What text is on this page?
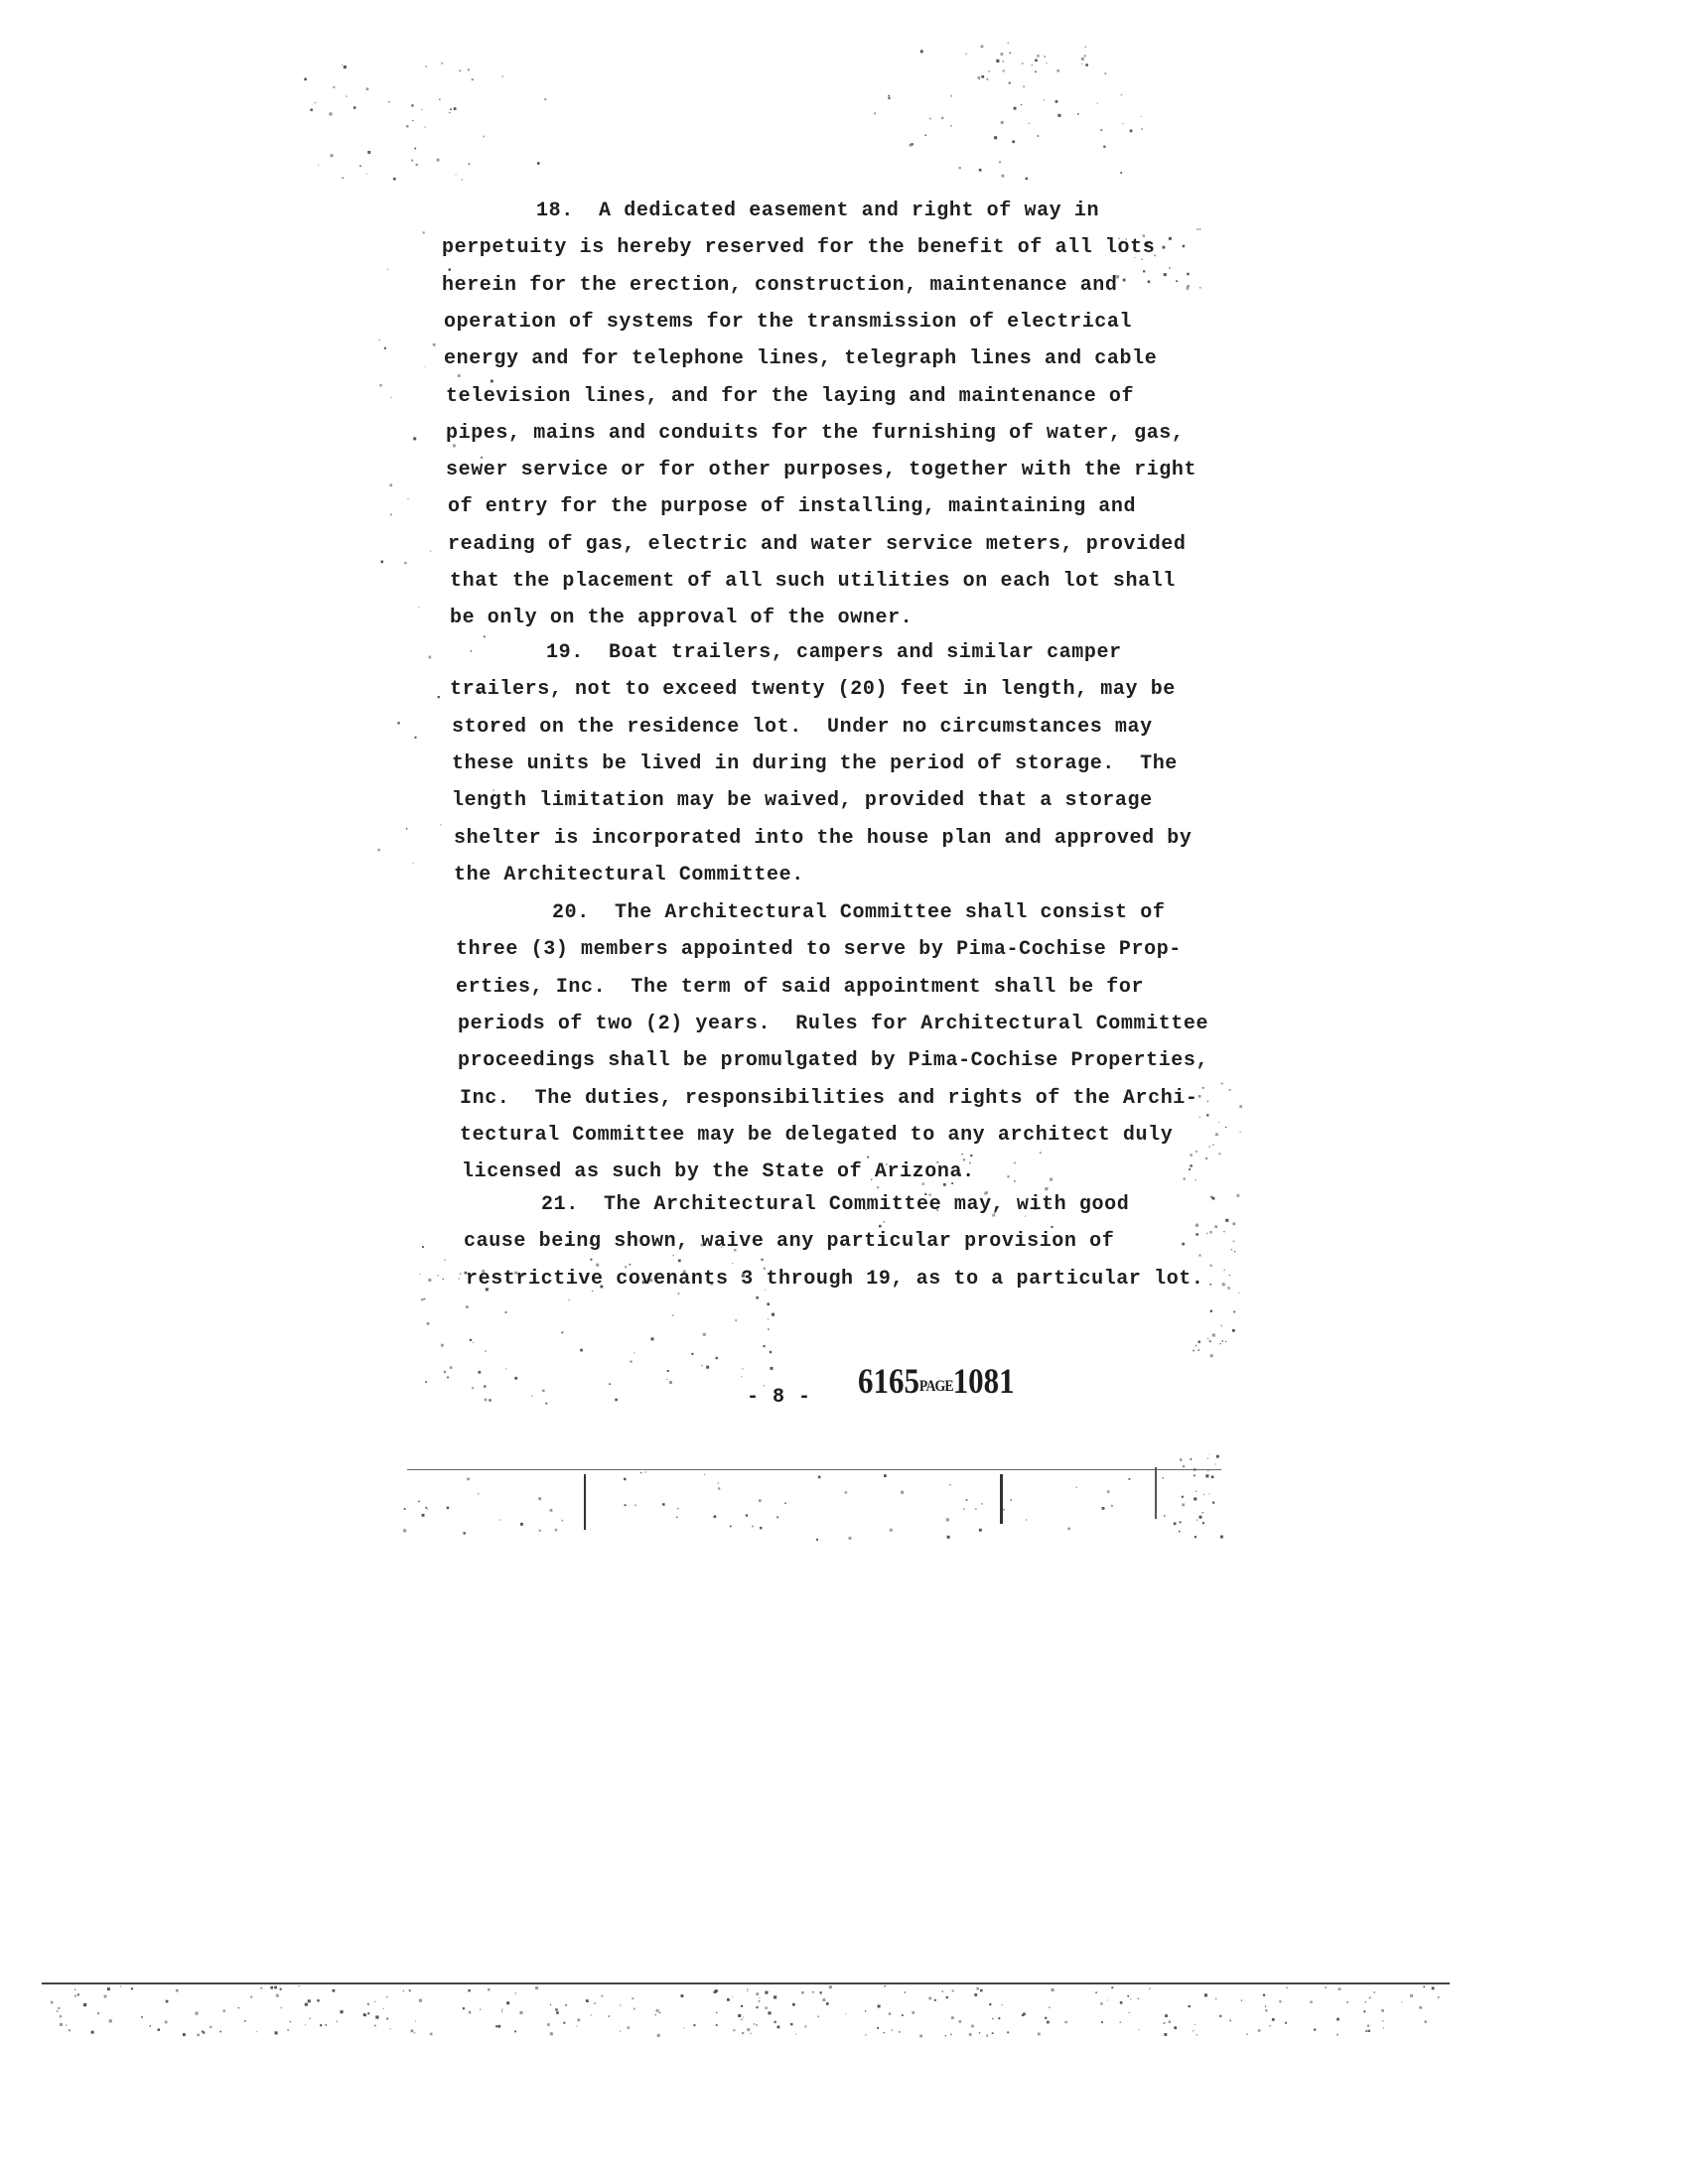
18.  A dedicated easement and right of way in
perpetuity is hereby reserved for the benefit of all lots
herein for the erection, construction, maintenance and
operation of systems for the transmission of electrical
energy and for telephone lines, telegraph lines and cable
television lines, and for the laying and maintenance of
pipes, mains and conduits for the furnishing of water, gas,
sewer service or for other purposes, together with the right
of entry for the purpose of installing, maintaining and
reading of gas, electric and water service meters, provided
that the placement of all such utilities on each lot shall
be only on the approval of the owner.
19.  Boat trailers, campers and similar camper
trailers, not to exceed twenty (20) feet in length, may be
stored on the residence lot.  Under no circumstances may
these units be lived in during the period of storage.  The
length limitation may be waived, provided that a storage
shelter is incorporated into the house plan and approved by
the Architectural Committee.
20.  The Architectural Committee shall consist of
three (3) members appointed to serve by Pima-Cochise Prop-
erties, Inc.  The term of said appointment shall be for
periods of two (2) years.  Rules for Architectural Committee
proceedings shall be promulgated by Pima-Cochise Properties,
Inc.  The duties, responsibilities and rights of the Archi-
tectural Committee may be delegated to any architect duly
licensed as such by the State of Arizona.
21.  The Architectural Committee may, with good
cause being shown, waive any particular provision of
restrictive covenants 3 through 19, as to a particular lot.
- 8 - 6165PAGE1081
